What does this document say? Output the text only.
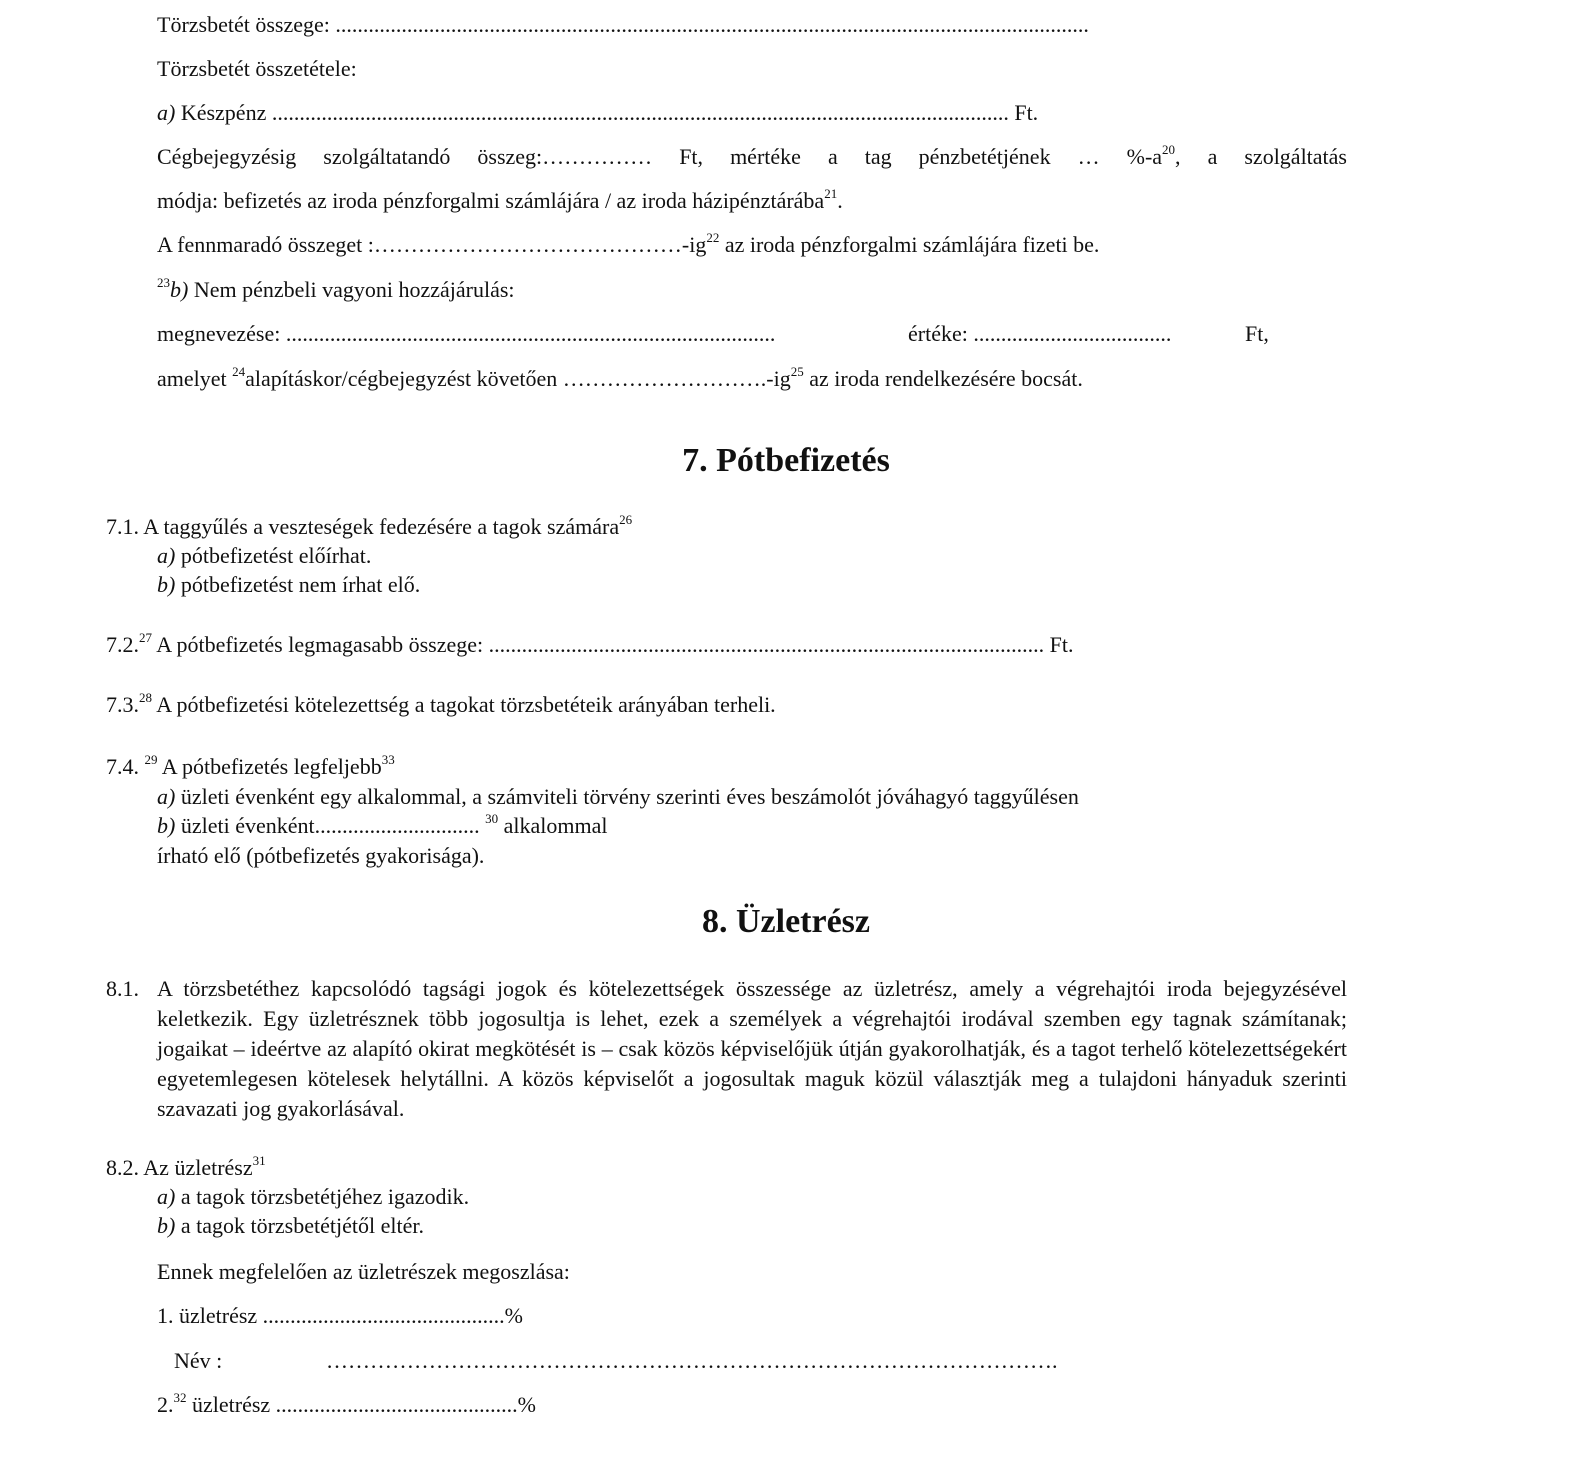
Törzsbetét összege: .........................................................................................................................................
Törzsbetét összetétele:
a) Készpénz ...................................................................................................................................... Ft.
Cégbejegyzésig szolgáltatandó összeg:…………… Ft, mértéke a tag pénzbetétjének … $\%-a^{20}$, a szolgáltatás
módja: befizetés az iroda pénzforgalmi számlájára / az iroda házipénztárába$^{21}$.
A fennmaradó összeget $:\dots\dots\dots\dots\dots\dots\dots\dots\dots\dots\dots\dots\dots\dots-ig^{22}$ az iroda pénzforgalmi számlájára fizeti be.
$^{23}$b) Nem pénzbeli vagyoni hozzájárulás:
megnevezése: .........................................................................................	értéke: ....................................	Ft,
amelyet $^{24}$alapításkor/cégbejegyzést követően $\dots\dots\dots\dots\dots\dots\dots\dots\dots.-ig^{25}$ az iroda rendelkezésére bocsát.
7. Pótbefizetés
7.1. A taggyűlés a veszteségek fedezésére a tagok számára$^{26}$
a) pótbefizetést előírhat.
b) pótbefizetést nem írhat elő.
7.2.27 A pótbefizetés legmagasabb összege: ..................................................................................................... Ft.
7.3.28 A pótbefizetési kötelezettség a tagokat törzsbetéteik arányában terheli.
7.4. $^{29}$ A pótbefizetés legfeljebb$^{33}$
a) üzleti évenként egy alkalommal, a számviteli törvény szerinti éves beszámolót jóváhagyó taggyűlésen
b) üzleti évenként.............................. $^{30}$ alkalommal
írható elő (pótbefizetés gyakorisága).
8. Üzletrész
8.1. A törzsbetéthez kapcsolódó tagsági jogok és kötelezettségek összessége az üzletrész, amely a végrehajtói iroda bejegyzésével keletkezik. Egy üzletrésznek több jogosultja is lehet, ezek a személyek a végrehajtói irodával szemben egy tagnak számítanak; jogaikat – ideértve az alapító okirat megkötését is – csak közös képviselőjük útján gyakorolhatják, és a tagot terhelő kötelezettségekért egyetemlegesen kötelesek helytállni. A közös képviselőt a jogosultak maguk közül választják meg a tulajdoni hányaduk szerinti szavazati jog gyakorlásával.
8.2. Az üzletrész$^{31}$
a) a tagok törzsbetétjéhez igazodik.
b) a tagok törzsbetétjétől eltér.
Ennek megfelelően az üzletrészek megoszlása:
1. üzletrész ............................................%
Név :	……………………………………………………………………………………….
2.32 üzletrész ............................................%
